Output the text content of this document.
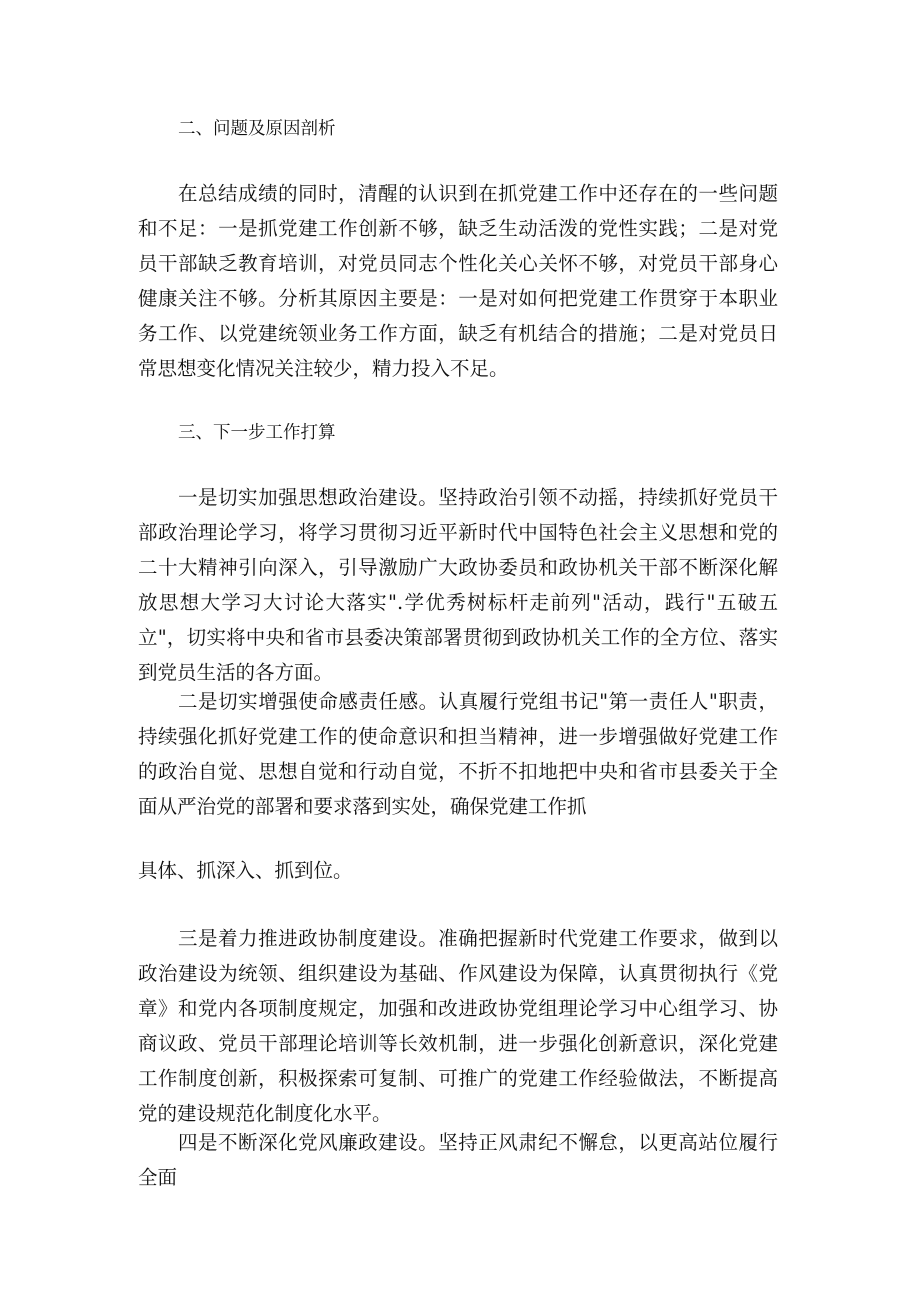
二、问题及原因剖析

在总结成绩的同时，清醒的认识到在抓党建工作中还存在的一些问题和不足：一是抓党建工作创新不够，缺乏生动活泼的党性实践；二是对党员干部缺乏教育培训，对党员同志个性化关心关怀不够，对党员干部身心健康关注不够。分析其原因主要是：一是对如何把党建工作贯穿于本职业务工作、以党建统领业务工作方面，缺乏有机结合的措施；二是对党员日常思想变化情况关注较少，精力投入不足。

三、下一步工作打算

一是切实加强思想政治建设。坚持政治引领不动摇，持续抓好党员干部政治理论学习，将学习贯彻习近平新时代中国特色社会主义思想和党的二十大精神引向深入，引导激励广大政协委员和政协机关干部不断深化解放思想大学习大讨论大落实".学优秀树标杆走前列"活动，践行"五破五立"，切实将中央和省市县委决策部署贯彻到政协机关工作的全方位、落实到党员生活的各方面。

二是切实增强使命感责任感。认真履行党组书记"第一责任人"职责，持续强化抓好党建工作的使命意识和担当精神，进一步增强做好党建工作的政治自觉、思想自觉和行动自觉，不折不扣地把中央和省市县委关于全面从严治党的部署和要求落到实处，确保党建工作抓

具体、抓深入、抓到位。

三是着力推进政协制度建设。准确把握新时代党建工作要求，做到以政治建设为统领、组织建设为基础、作风建设为保障，认真贯彻执行《党章》和党内各项制度规定，加强和改进政协党组理论学习中心组学习、协商议政、党员干部理论培训等长效机制，进一步强化创新意识，深化党建工作制度创新，积极探索可复制、可推广的党建工作经验做法，不断提高党的建设规范化制度化水平。

四是不断深化党风廉政建设。坚持正风肃纪不懈怠，以更高站位履行全面
